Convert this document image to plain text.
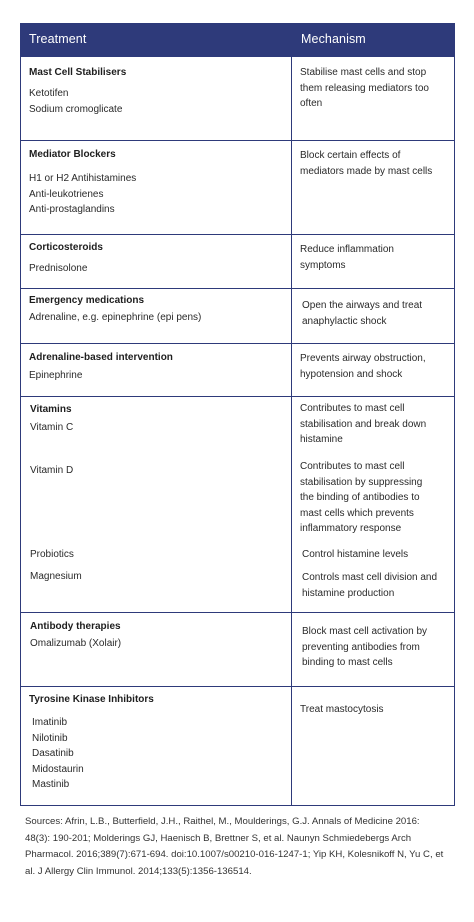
Treatment	Mechanism
Mast Cell Stabilisers
Ketotifen
Sodium cromoglicate
Stabilise mast cells and stop
them releasing mediators too
often
Mediator Blockers
H1 or H2 Antihistamines
Anti-leukotrienes
Anti-prostaglandins
Block certain effects of
mediators made by mast cells
Corticosteroids
Prednisolone
Reduce inflammation
symptoms
Emergency medications
Adrenaline, e.g. epinephrine (epi pens)
Open the airways and treat
anaphylactic shock
Adrenaline-based intervention
Epinephrine
Prevents airway obstruction,
hypotension and shock
Vitamins
Vitamin C
Vitamin D
Probiotics
Magnesium
Contributes to mast cell
stabilisation and break down
histamine
Contributes to mast cell
stabilisation by suppressing
the binding of antibodies to
mast cells which prevents
inflammatory response
Control histamine levels
Controls mast cell division and
histamine production
Antibody therapies
Omalizumab (Xolair)
Block mast cell activation by
preventing antibodies from
binding to mast cells
Tyrosine Kinase Inhibitors
Imatinib
Nilotinib
Dasatinib
Midostaurin
Mastinib
Treat mastocytosis
Sources: Afrin, L.B., Butterfield, J.H., Raithel, M., Moulderings, G.J. Annals of Medicine 2016:
48(3): 190-201; Molderings GJ, Haenisch B, Brettner S, et al. Naunyn Schmiedebergs Arch
Pharmacol. 2016;389(7):671-694. doi:10.1007/s00210-016-1247-1; Yip KH, Kolesnikoff N, Yu C, et
al. J Allergy Clin Immunol. 2014;133(5):1356-136514.
